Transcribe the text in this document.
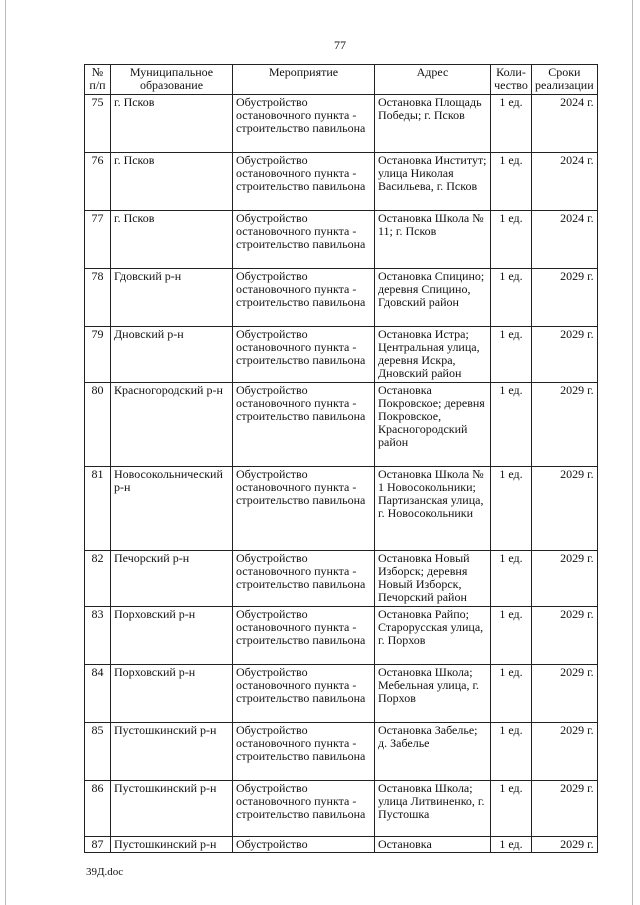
77
№ п/п	Муниципальное образование	Мероприятие	Адрес	Коли- чество	Сроки реализации
75	г. Псков	Обустройство остановочного пункта - строительство павильона	Остановка Площадь Победы; г. Псков	1 ед.	2024 г.
76	г. Псков	Обустройство остановочного пункта - строительство павильона	Остановка Институт; улица Николая Васильева, г. Псков	1 ед.	2024 г.
77	г. Псков	Обустройство остановочного пункта - строительство павильона	Остановка Школа № 11; г. Псков	1 ед.	2024 г.
78	Гдовский р-н	Обустройство остановочного пункта - строительство павильона	Остановка Спицино; деревня Спицино, Гдовский район	1 ед.	2029 г.
79	Дновский р-н	Обустройство остановочного пункта - строительство павильона	Остановка Истра; Центральная улица, деревня Искра, Дновский район	1 ед.	2029 г.
80	Красногородский р-н	Обустройство остановочного пункта - строительство павильона	Остановка Покровское; деревня Покровское, Красногородский район	1 ед.	2029 г.
81	Новосокольнический р-н	Обустройство остановочного пункта - строительство павильона	Остановка Школа № 1 Новосокольники; Партизанская улица, г. Новосокольники	1 ед.	2029 г.
82	Печорский р-н	Обустройство остановочного пункта - строительство павильона	Остановка Новый Изборск; деревня Новый Изборск, Печорский район	1 ед.	2029 г.
83	Порховский р-н	Обустройство остановочного пункта - строительство павильона	Остановка Райпо; Старорусская улица, г. Порхов	1 ед.	2029 г.
84	Порховский р-н	Обустройство остановочного пункта - строительство павильона	Остановка Школа; Мебельная улица, г. Порхов	1 ед.	2029 г.
85	Пустошкинский р-н	Обустройство остановочного пункта - строительство павильона	Остановка Забелье; д. Забелье	1 ед.	2029 г.
86	Пустошкинский р-н	Обустройство остановочного пункта - строительство павильона	Остановка Школа; улица Литвиненко, г. Пустошка	1 ед.	2029 г.
87	Пустошкинский р-н	Обустройство	Остановка	1 ед.	2029 г.
39Д.doc
